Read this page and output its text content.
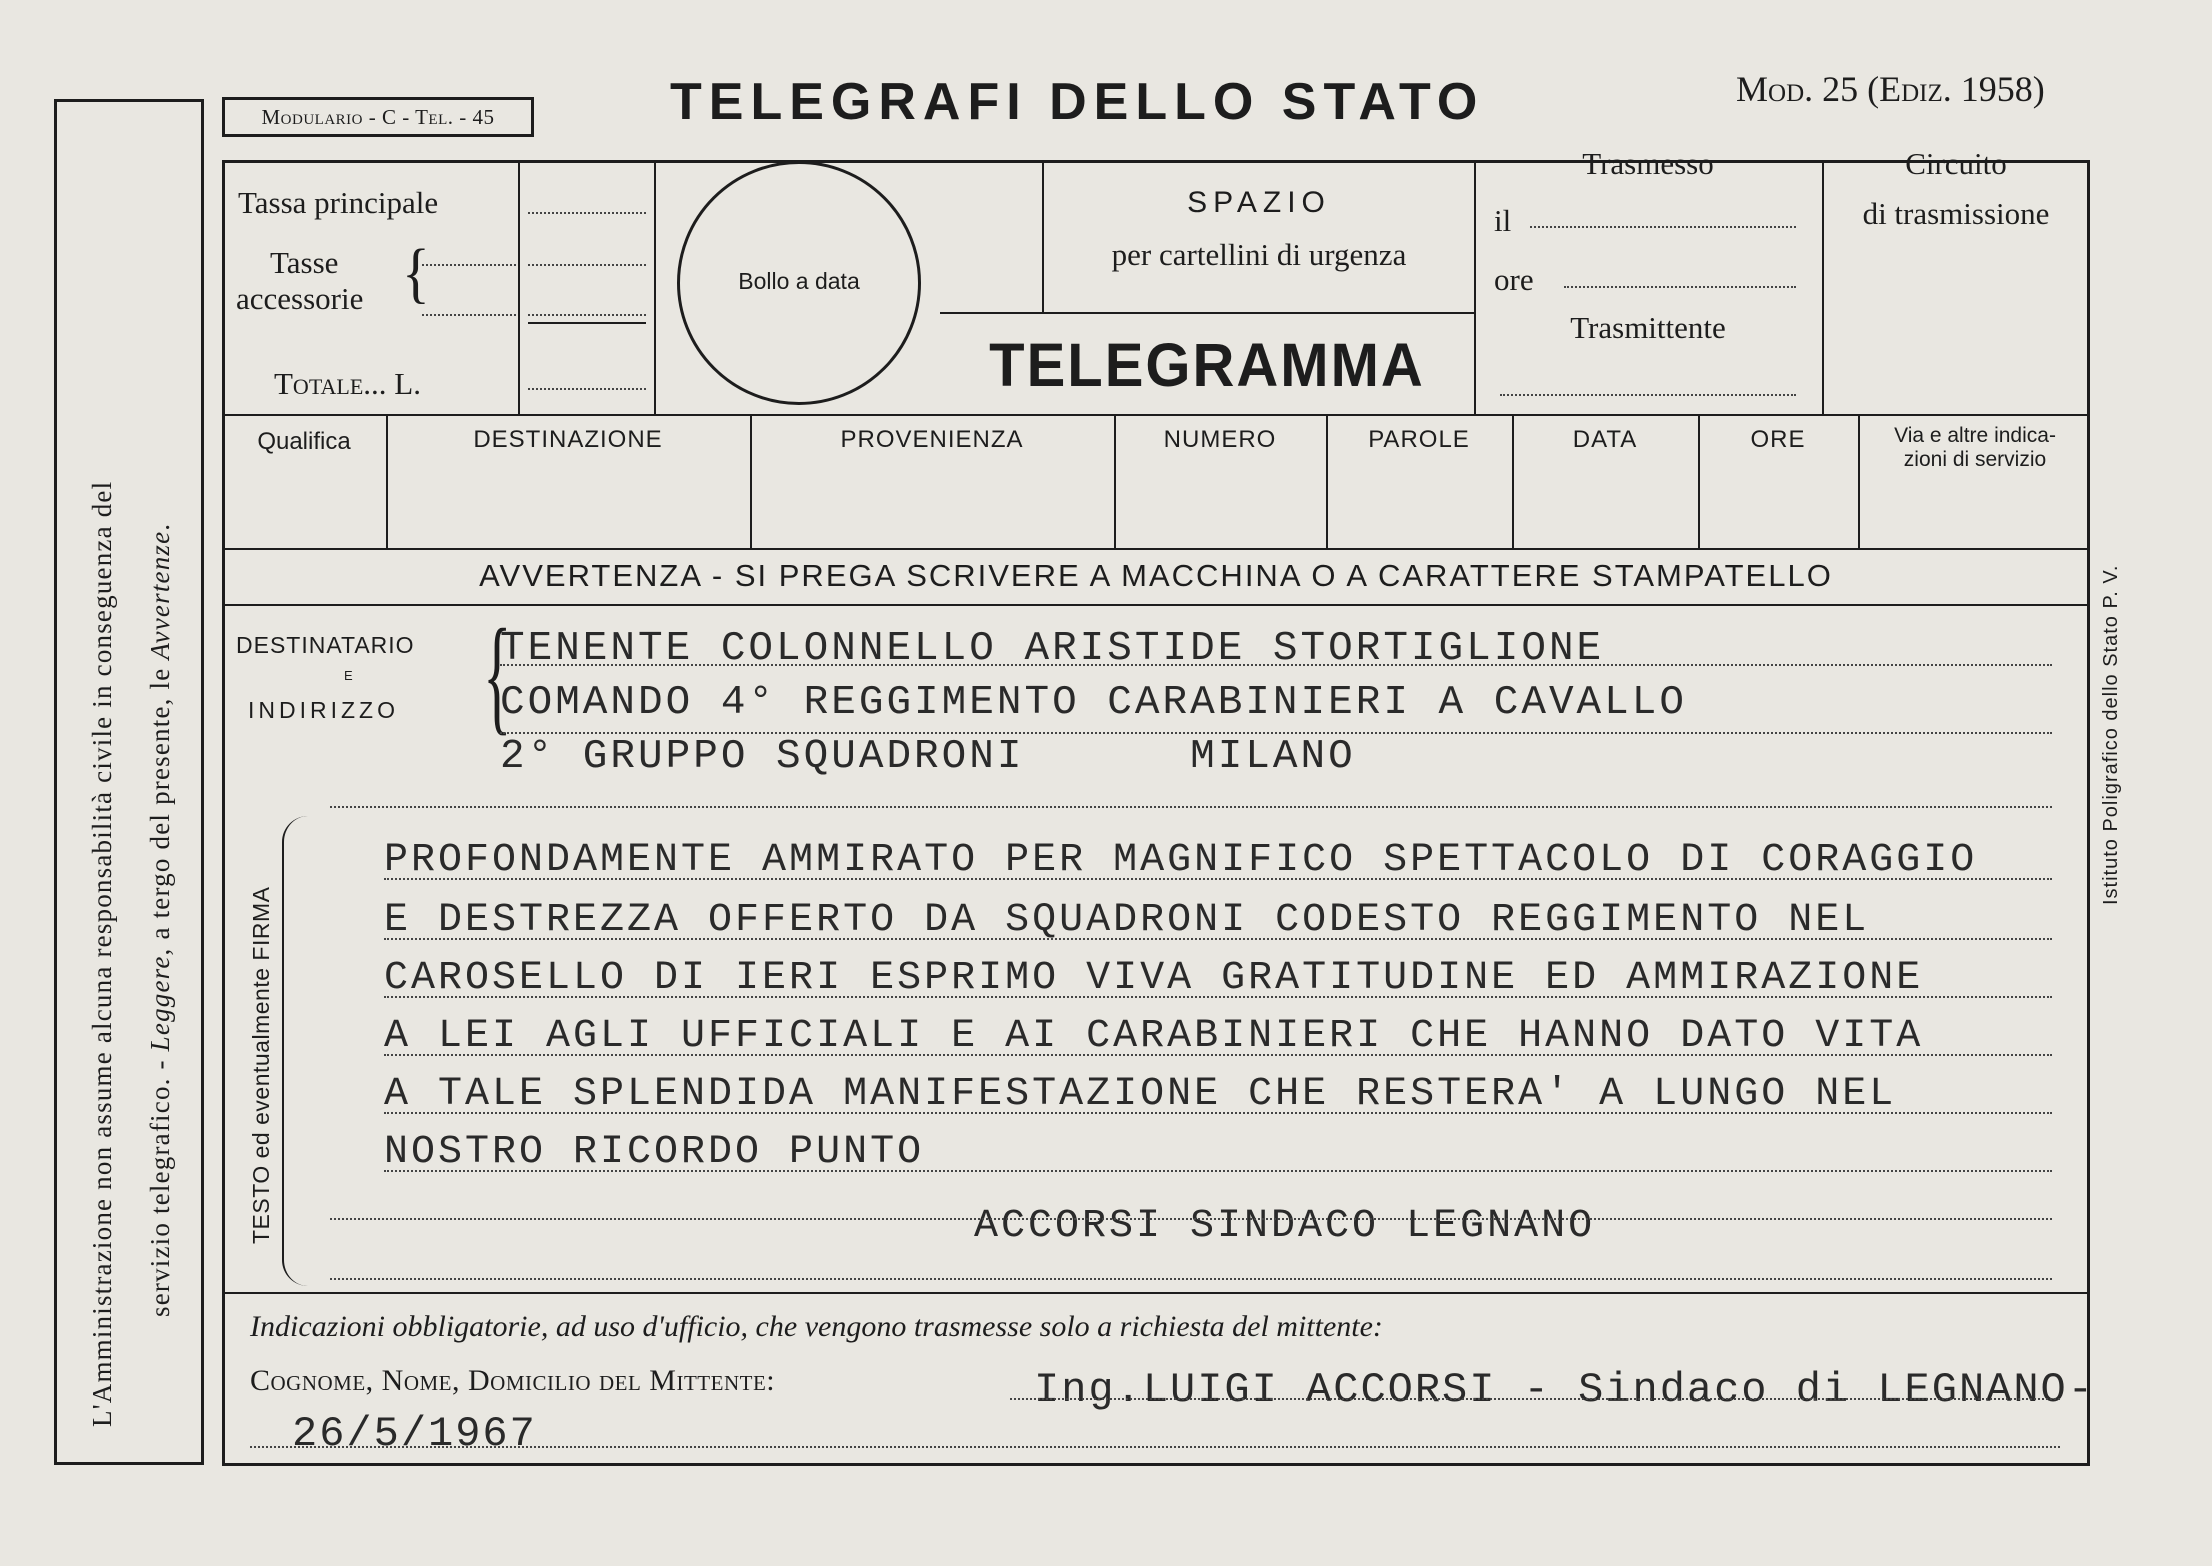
L'Amministrazione non assume alcuna responsabilità civile in conseguenza del servizio telegrafico. - Leggere, a tergo del presente, le Avvertenze.
Modulario - C - Tel. - 45	TELEGRAFI DELLO STATO	Mod. 25 (Ediz. 1958)
Tassa principale
Tasse
accessorie {
Totale... L.
Bollo a data
SPAZIO
per cartellini di urgenza
TELEGRAMMA
Trasmesso
il
ore
Trasmittente
Circuito
di trasmissione
Qualifica	DESTINAZIONE	PROVENIENZA	NUMERO	PAROLE	DATA	ORE	Via e altre indica-
zioni di servizio
AVVERTENZA - SI PREGA SCRIVERE A MACCHINA O A CARATTERE STAMPATELLO
DESTINATARIO
E
INDIRIZZO {
TENENTE COLONNELLO ARISTIDE STORTIGLIONE
COMANDO 4° REGGIMENTO CARABINIERI A CAVALLO
2° GRUPPO SQUADRONI      MILANO
TESTO ed eventualmente FIRMA
PROFONDAMENTE AMMIRATO PER MAGNIFICO SPETTACOLO DI CORAGGIO
E DESTREZZA OFFERTO DA SQUADRONI CODESTO REGGIMENTO NEL
CAROSELLO DI IERI ESPRIMO VIVA GRATITUDINE ED AMMIRAZIONE
A LEI AGLI UFFICIALI E AI CARABINIERI CHE HANNO DATO VITA
A TALE SPLENDIDA MANIFESTAZIONE CHE RESTERA' A LUNGO NEL
NOSTRO RICORDO PUNTO
ACCORSI SINDACO LEGNANO
Indicazioni obbligatorie, ad uso d'ufficio, che vengono trasmesse solo a richiesta del mittente:
Cognome, Nome, Domicilio del Mittente:	Ing.LUIGI ACCORSI - Sindaco di LEGNANO-
26/5/1967
Istituto Poligrafico dello Stato P. V.
